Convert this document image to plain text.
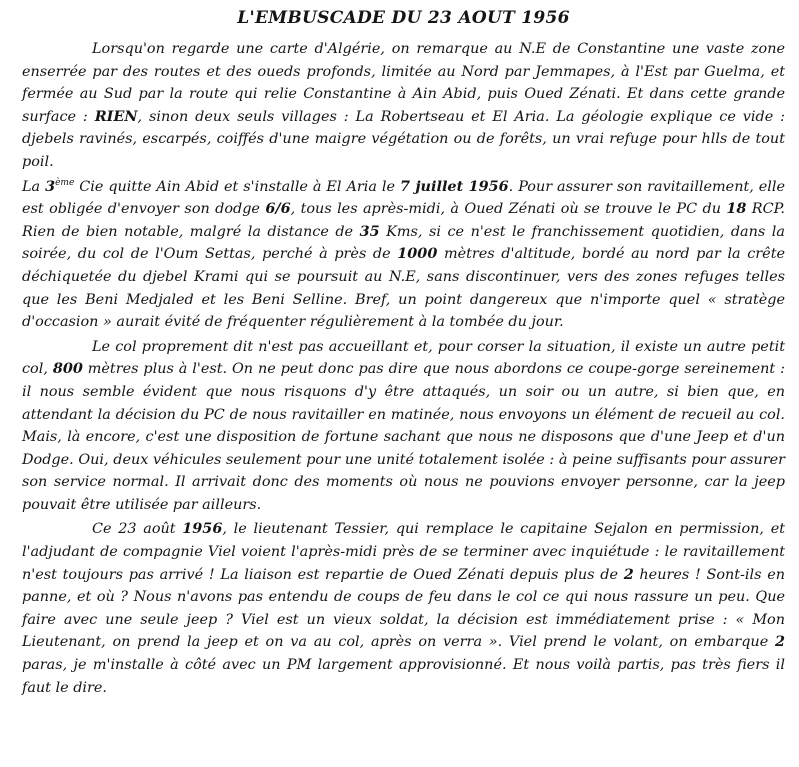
L'EMBUSCADE DU 23 AOUT 1956

Lorsqu'on regarde une carte d'Algérie, on remarque au N.E de Constantine une vaste zone enserrée par des routes et des oueds profonds, limitée au Nord par Jemmapes, à l'Est par Guelma, et fermée au Sud par la route qui relie Constantine à Ain Abid, puis Oued Zénati. Et dans cette grande surface : RIEN, sinon deux seuls villages : La Robertseau et El Aria. La géologie explique ce vide : djebels ravinés, escarpés, coiffés d'une maigre végétation ou de forêts, un vrai refuge pour hlls de tout poil.

La 3ème Cie quitte Ain Abid et s'installe à El Aria le 7 juillet 1956. Pour assurer son ravitaillement, elle est obligée d'envoyer son dodge 6/6, tous les après-midi, à Oued Zénati où se trouve le PC du 18 RCP. Rien de bien notable, malgré la distance de 35 Kms, si ce n'est le franchissement quotidien, dans la soirée, du col de l'Oum Settas, perché à près de 1000 mètres d'altitude, bordé au nord par la crête déchiquetée du djebel Krami qui se poursuit au N.E, sans discontinuer, vers des zones refuges telles que les Beni Medjaled et les Beni Selline. Bref, un point dangereux que n'importe quel « stratège d'occasion » aurait évité de fréquenter régulièrement à la tombée du jour.

Le col proprement dit n'est pas accueillant et, pour corser la situation, il existe un autre petit col, 800 mètres plus à l'est. On ne peut donc pas dire que nous abordons ce coupe-gorge sereinement : il nous semble évident que nous risquons d'y être attaqués, un soir ou un autre, si bien que, en attendant la décision du PC de nous ravitailler en matinée, nous envoyons un élément de recueil au col. Mais, là encore, c'est une disposition de fortune sachant que nous ne disposons que d'une Jeep et d'un Dodge. Oui, deux véhicules seulement pour une unité totalement isolée : à peine suffisants pour assurer son service normal. Il arrivait donc des moments où nous ne pouvions envoyer personne, car la jeep pouvait être utilisée par ailleurs.

Ce 23 août 1956, le lieutenant Tessier, qui remplace le capitaine Sejalon en permission, et l'adjudant de compagnie Viel voient l'après-midi près de se terminer avec inquiétude : le ravitaillement n'est toujours pas arrivé ! La liaison est repartie de Oued Zénati depuis plus de 2 heures ! Sont-ils en panne, et où ? Nous n'avons pas entendu de coups de feu dans le col ce qui nous rassure un peu. Que faire avec une seule jeep ? Viel est un vieux soldat, la décision est immédiatement prise : « Mon Lieutenant, on prend la jeep et on va au col, après on verra ». Viel prend le volant, on embarque 2 paras, je m'installe à côté avec un PM largement approvisionné. Et nous voilà partis, pas très fiers il faut le dire.
